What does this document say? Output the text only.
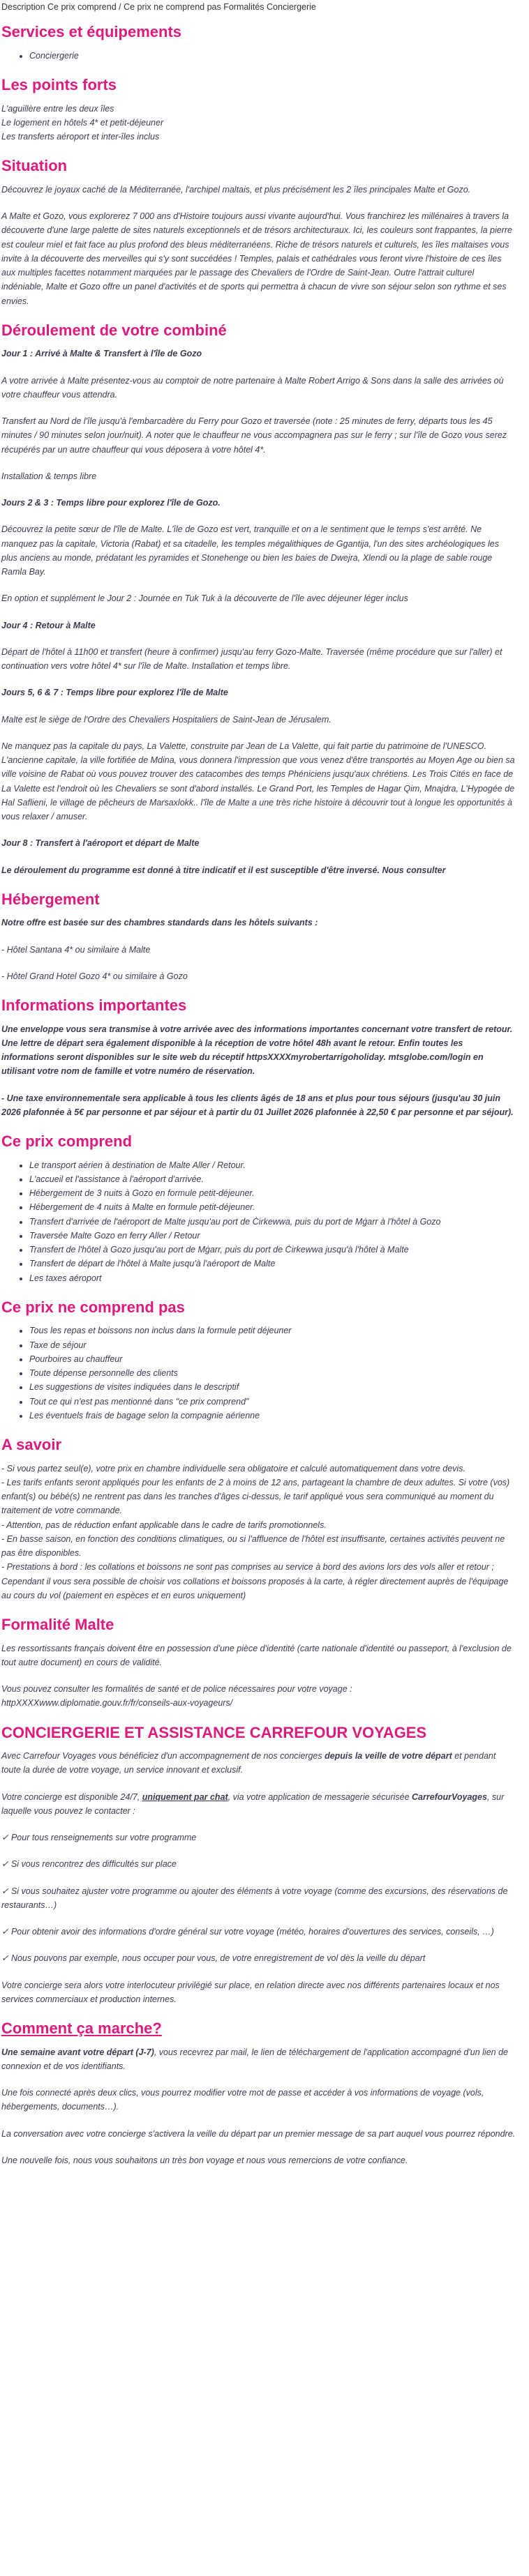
Description Ce prix comprend / Ce prix ne comprend pas Formalités Conciergerie

Services et équipements
• Conciergerie
Les points forts

L'aguillère entre les deux îles

Le logement en hôtels 4* et petit-déjeuner

Les transferts aéroport et inter-îles inclus

Situation

Découvrez le joyaux caché de la Méditerranée, l'archipel maltais, et plus précisément les 2 îles principales Malte et Gozo.

A Malte et Gozo, vous explorerez 7 000 ans d'Histoire toujours aussi vivante aujourd'hui. Vous franchirez les millénaires à travers la découverte d'une large palette de sites naturels exceptionnels et de trésors architecturaux. Ici, les couleurs sont frappantes, la pierre est couleur miel et fait face au plus profond des bleus méditerranéens. Riche de trésors naturels et culturels, les îles maltaises vous invite à la découverte des merveilles qui s'y sont succédées ! Temples, palais et cathédrales vous feront vivre l'histoire de ces îles aux multiples facettes notamment marquées par le passage des Chevaliers de l'Ordre de Saint-Jean. Outre l'attrait culturel indéniable, Malte et Gozo offre un panel d'activités et de sports qui permettra à chacun de vivre son séjour selon son rythme et ses envies.

Déroulement de votre combiné

Jour 1 : Arrivé à Malte & Transfert à l'île de Gozo

A votre arrivée à Malte présentez-vous au comptoir de notre partenaire à Malte Robert Arrigo & Sons dans la salle des arrivées où votre chauffeur vous attendra.

Transfert au Nord de l'île jusqu'à l'embarcadère du Ferry pour Gozo et traversée (note : 25 minutes de ferry, départs tous les 45 minutes / 90 minutes selon jour/nuit). A noter que le chauffeur ne vous accompagnera pas sur le ferry ; sur l'île de Gozo vous serez récupérés par un autre chauffeur qui vous déposera à votre hôtel 4*.

Installation & temps libre

Jours 2 & 3 : Temps libre pour explorez l'île de Gozo.

Découvrez la petite sœur de l'île de Malte. L'île de Gozo est vert, tranquille et on a le sentiment que le temps s'est arrêté. Ne manquez pas la capitale, Victoria (Rabat) et sa citadelle, les temples mégalithiques de Ggantija, l'un des sites archéologiques les plus anciens au monde, prédatant les pyramides et Stonehenge ou bien les baies de Dwejra, Xlendi ou la plage de sable rouge Ramla Bay.

En option et supplément le Jour 2 : Journée en Tuk Tuk à la découverte de l'île avec déjeuner léger inclus

Jour 4 : Retour à Malte

Départ de l'hôtel à 11h00 et transfert (heure à confirmer) jusqu'au ferry Gozo-Malte. Traversée (même procédure que sur l'aller) et continuation vers votre hôtel 4* sur l'île de Malte. Installation et temps libre.

Jours 5, 6 & 7 : Temps libre pour explorez l'île de Malte

Malte est le siège de l'Ordre des Chevaliers Hospitaliers de Saint-Jean de Jérusalem.

Ne manquez pas la capitale du pays, La Valette, construite par Jean de La Valette, qui fait partie du patrimoine de l'UNESCO. L'ancienne capitale, la ville fortifiée de Mdina, vous donnera l'impression que vous venez d'être transportés au Moyen Age ou bien sa ville voisine de Rabat où vous pouvez trouver des catacombes des temps Phéniciens jusqu'aux chrétiens. Les Trois Cités en face de La Valette est l'endroit où les Chevaliers se sont d'abord installés. Le Grand Port, les Temples de Hagar Qim, Mnajdra, L'Hypogée de Hal Saflieni, le village de pêcheurs de Marsaxlokk.. l'île de Malte a une très riche histoire à découvrir tout à longue les opportunités à vous relaxer / amuser.

Jour 8 : Transfert à l'aéroport et départ de Malte

Le déroulement du programme est donné à titre indicatif et il est susceptible d'être inversé. Nous consulter

Hébergement

Notre offre est basée sur des chambres standards dans les hôtels suivants :

- Hôtel Santana 4* ou similaire à Malte

- Hôtel Grand Hotel Gozo 4* ou similaire à Gozo

Informations importantes

Une enveloppe vous sera transmise à votre arrivée avec des informations importantes concernant votre transfert de retour. Une lettre de départ sera également disponible à la réception de votre hôtel 48h avant le retour. Enfin toutes les informations seront disponibles sur le site web du réceptif httpsXXXXmyrobertarrigoholiday. mtsglobe.com/login en utilisant votre nom de famille et votre numéro de réservation.

- Une taxe environnementale sera applicable à tous les clients âgés de 18 ans et plus pour tous séjours (jusqu'au 30 juin 2026 plafonnée à 5€ par personne et par séjour et à partir du 01 Juillet 2026 plafonnée à 22,50 € par personne et par séjour).

Ce prix comprend
• Le transport aérien à destination de Malte Aller / Retour.
• L'accueil et l'assistance à l'aéroport d'arrivée.
• Hébergement de 3 nuits à Gozo en formule petit-déjeuner.
• Hébergement de 4 nuits à Malte en formule petit-déjeuner.
• Transfert d'arrivée de l'aéroport de Malte jusqu'au port de Ċirkewwa, puis du port de Mġarr à l'hôtel à Gozo
• Traversée Malte Gozo en ferry Aller / Retour
• Transfert de l'hôtel à Gozo jusqu'au port de Mġarr, puis du port de Ċirkewwa jusqu'à l'hôtel à Malte
• Transfert de départ de l'hôtel à Malte jusqu'à l'aéroport de Malte
• Les taxes aéroport
Ce prix ne comprend pas
• Tous les repas et boissons non inclus dans la formule petit déjeuner
• Taxe de séjour
• Pourboires au chauffeur
• Toute dépense personnelle des clients
• Les suggestions de visites indiquées dans le descriptif
• Tout ce qui n'est pas mentionné dans "ce prix comprend"
• Les éventuels frais de bagage selon la compagnie aérienne
A savoir

- Si vous partez seul(e), votre prix en chambre individuelle sera obligatoire et calculé automatiquement dans votre devis.

- Les tarifs enfants seront appliqués pour les enfants de 2 à moins de 12 ans, partageant la chambre de deux adultes. Si votre (vos) enfant(s) ou bébé(s) ne rentrent pas dans les tranches d'âges ci-dessus, le tarif appliqué vous sera communiqué au moment du traitement de votre commande.

- Attention, pas de réduction enfant applicable dans le cadre de tarifs promotionnels.

- En basse saison, en fonction des conditions climatiques, ou si l'affluence de l'hôtel est insuffisante, certaines activités peuvent ne pas être disponibles.

- Prestations à bord : les collations et boissons ne sont pas comprises au service à bord des avions lors des vols aller et retour ; Cependant il vous sera possible de choisir vos collations et boissons proposés à la carte, à régler directement auprès de l'équipage au cours du vol (paiement en espèces et en euros uniquement)

Formalité Malte

Les ressortissants français doivent être en possession d'une pièce d'identité (carte nationale d'identité ou passeport, à l'exclusion de tout autre document) en cours de validité.

Vous pouvez consulter les formalités de santé et de police nécessaires pour votre voyage :

httpXXXXwww.diplomatie.gouv.fr/fr/conseils-aux-voyageurs/

CONCIERGERIE ET ASSISTANCE CARREFOUR VOYAGES

Avec Carrefour Voyages vous bénéficiez d'un accompagnement de nos concierges depuis la veille de votre départ et pendant toute la durée de votre voyage, un service innovant et exclusif.

Votre concierge est disponible 24/7, uniquement par chat, via votre application de messagerie sécurisée CarrefourVoyages, sur laquelle vous pouvez le contacter :

✓ Pour tous renseignements sur votre programme

✓ Si vous rencontrez des difficultés sur place

✓ Si vous souhaitez ajuster votre programme ou ajouter des éléments à votre voyage (comme des excursions, des réservations de restaurants…)

✓ Pour obtenir avoir des informations d'ordre général sur votre voyage (météo, horaires d'ouvertures des services, conseils, …)

✓ Nous pouvons par exemple, nous occuper pour vous, de votre enregistrement de vol dès la veille du départ

Votre concierge sera alors votre interlocuteur privilégié sur place, en relation directe avec nos différents partenaires locaux et nos services commerciaux et production internes.

Comment ça marche?

Une semaine avant votre départ (J-7), vous recevrez par mail, le lien de téléchargement de l'application accompagné d'un lien de connexion et de vos identifiants.

Une fois connecté après deux clics, vous pourrez modifier votre mot de passe et accéder à vos informations de voyage (vols, hébergements, documents…).

La conversation avec votre concierge s'activera la veille du départ par un premier message de sa part auquel vous pourrez répondre.

Une nouvelle fois, nous vous souhaitons un très bon voyage et nous vous remercions de votre confiance.
